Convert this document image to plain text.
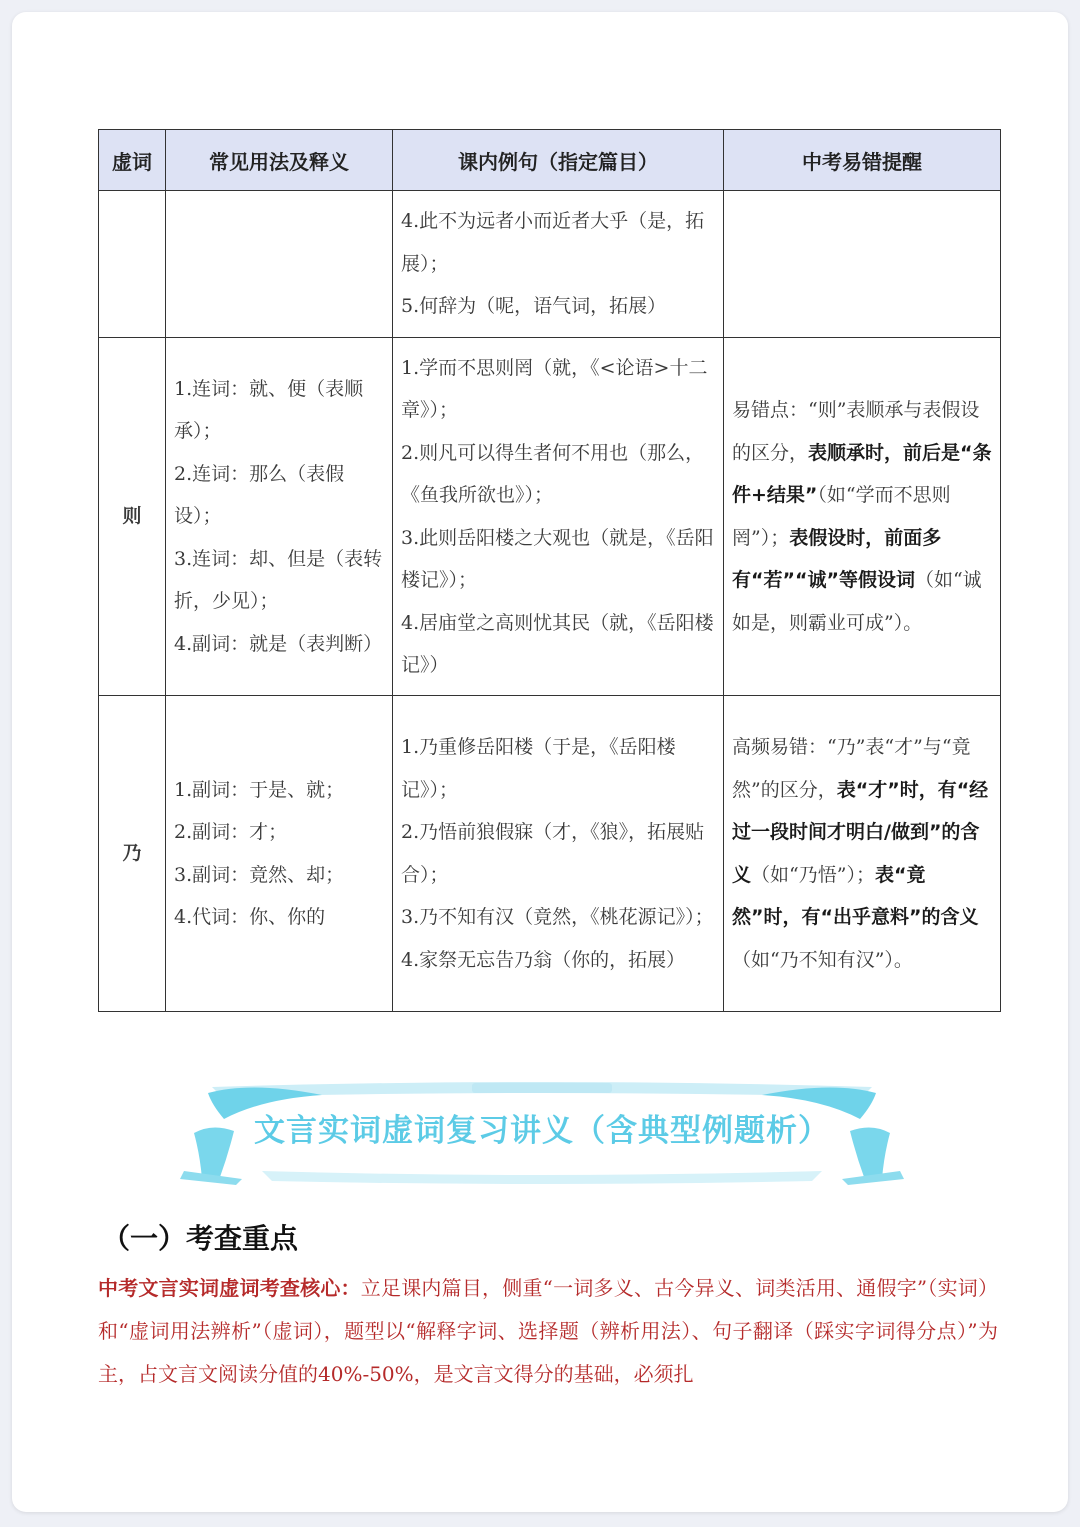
虚词	常见用法及释义	课内例句（指定篇目）	中考易错提醒

		4.此不为远者小而近者大乎（是，拓展）；
5.何辞为（呢，语气词，拓展）	

则	1.连词：就、便（表顺承）；
2.连词：那么（表假设）；
3.连词：却、但是（表转折，少见）；
4.副词：就是（表判断）	1.学而不思则罔（就，《<论语>十二章》）；
2.则凡可以得生者何不用也（那么，《鱼我所欲也》）；
3.此则岳阳楼之大观也（就是，《岳阳楼记》）；
4.居庙堂之高则忧其民（就，《岳阳楼记》）	易错点：“则”表顺承与表假设的区分，表顺承时，前后是“条件+结果”（如“学而不思则罔”）；表假设时，前面多有“若”“诚”等假设词（如“诚如是，则霸业可成”）。
乃	1.副词：于是、就；
2.副词：才；
3.副词：竟然、却；
4.代词：你、你的	1.乃重修岳阳楼（于是，《岳阳楼记》）；
2.乃悟前狼假寐（才，《狼》，拓展贴合）；
3.乃不知有汉（竟然，《桃花源记》）；
4.家祭无忘告乃翁（你的，拓展）	高频易错：“乃”表“才”与“竟然”的区分，表“才”时，有“经过一段时间才明白/做到”的含义（如“乃悟”）；表“竟然”时，有“出乎意料”的含义（如“乃不知有汉”）。
文言实词虚词复习讲义（含典型例题析）
（一）考查重点
中考文言实词虚词考查核心：立足课内篇目，侧重“一词多义、古今异义、词类活用、通假字”（实词）和“虚词用法辨析”（虚词），题型以“解释字词、选择题（辨析用法）、句子翻译（踩实字词得分点）”为主，占文言文阅读分值的40%-50%，是文言文得分的基础，必须扎
